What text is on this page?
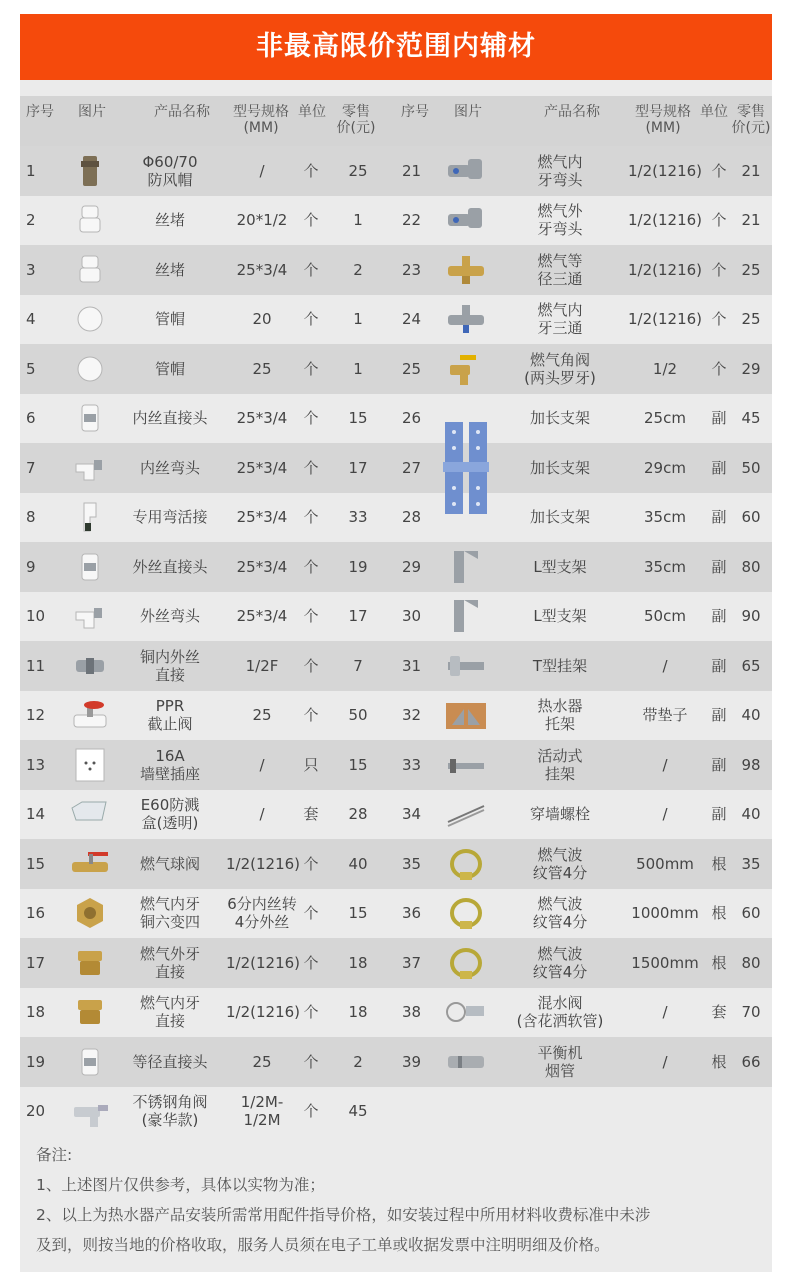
非最高限价范围内辅材
序号	图片	产品名称	型号规格
(MM)
单位	零售
价(元)
1	Φ60/70
防风帽	/	个	25
2	丝堵	20*1/2	个	1
3	丝堵	25*3/4	个	2
4	管帽	20	个	1
5	管帽	25	个	1
6	内丝直接头	25*3/4	个	15
7	内丝弯头	25*3/4	个	17
8	专用弯活接	25*3/4	个	33
9	外丝直接头	25*3/4	个	19
10	外丝弯头	25*3/4	个	17
11	铜内外丝
直接	1/2F	个	7
12	PPR
截止阀	25	个	50
13	16A
墙壁插座	/	只	15
14	E60防溅
盒(透明)	/	套	28
15	燃气球阀	1/2(1216) 个	40
16	燃气内牙
铜六变四
6分内丝转
4分外丝 个	15
17	燃气外牙
直接	1/2(1216) 个	18
18	燃气内牙
直接	1/2(1216) 个	18
19	等径直接头	25	个	2
20	不锈钢角阀
(豪华款)
1/2M-
1/2M	个	45
序号	图片	产品名称	型号规格
(MM)
单位 零售
价(元)
21	燃气内
牙弯头	1/2(1216) 个 21
22	燃气外
牙弯头	1/2(1216) 个 21
23	燃气等
径三通	1/2(1216) 个 25
24	燃气内
牙三通	1/2(1216) 个 25
25	燃气角阀
(两头罗牙)	1/2	个 29
26	加长支架	25cm	副 45
27	加长支架	29cm	副 50
28	加长支架	35cm	副 60
29	L型支架	35cm	副 80
30	L型支架	50cm	副 90
31	T型挂架	/	副 65
32	热水器
托架	带垫子	副 40
33	活动式
挂架	/	副 98
34	穿墙螺栓	/	副 40
35	燃气波
纹管4分	500mm	根 35
36	燃气波
纹管4分	1000mm 根 60
37	燃气波
纹管4分	1500mm 根 80
38	混水阀
(含花洒软管)	/	套 70
39	平衡机
烟管	/	根 66
备注:
1、上述图片仅供参考，具体以实物为准；
2、以上为热水器产品安装所需常用配件指导价格，如安装过程中所用材料收费标准中未涉
及到，则按当地的价格收取，服务人员须在电子工单或收据发票中注明明细及价格。
